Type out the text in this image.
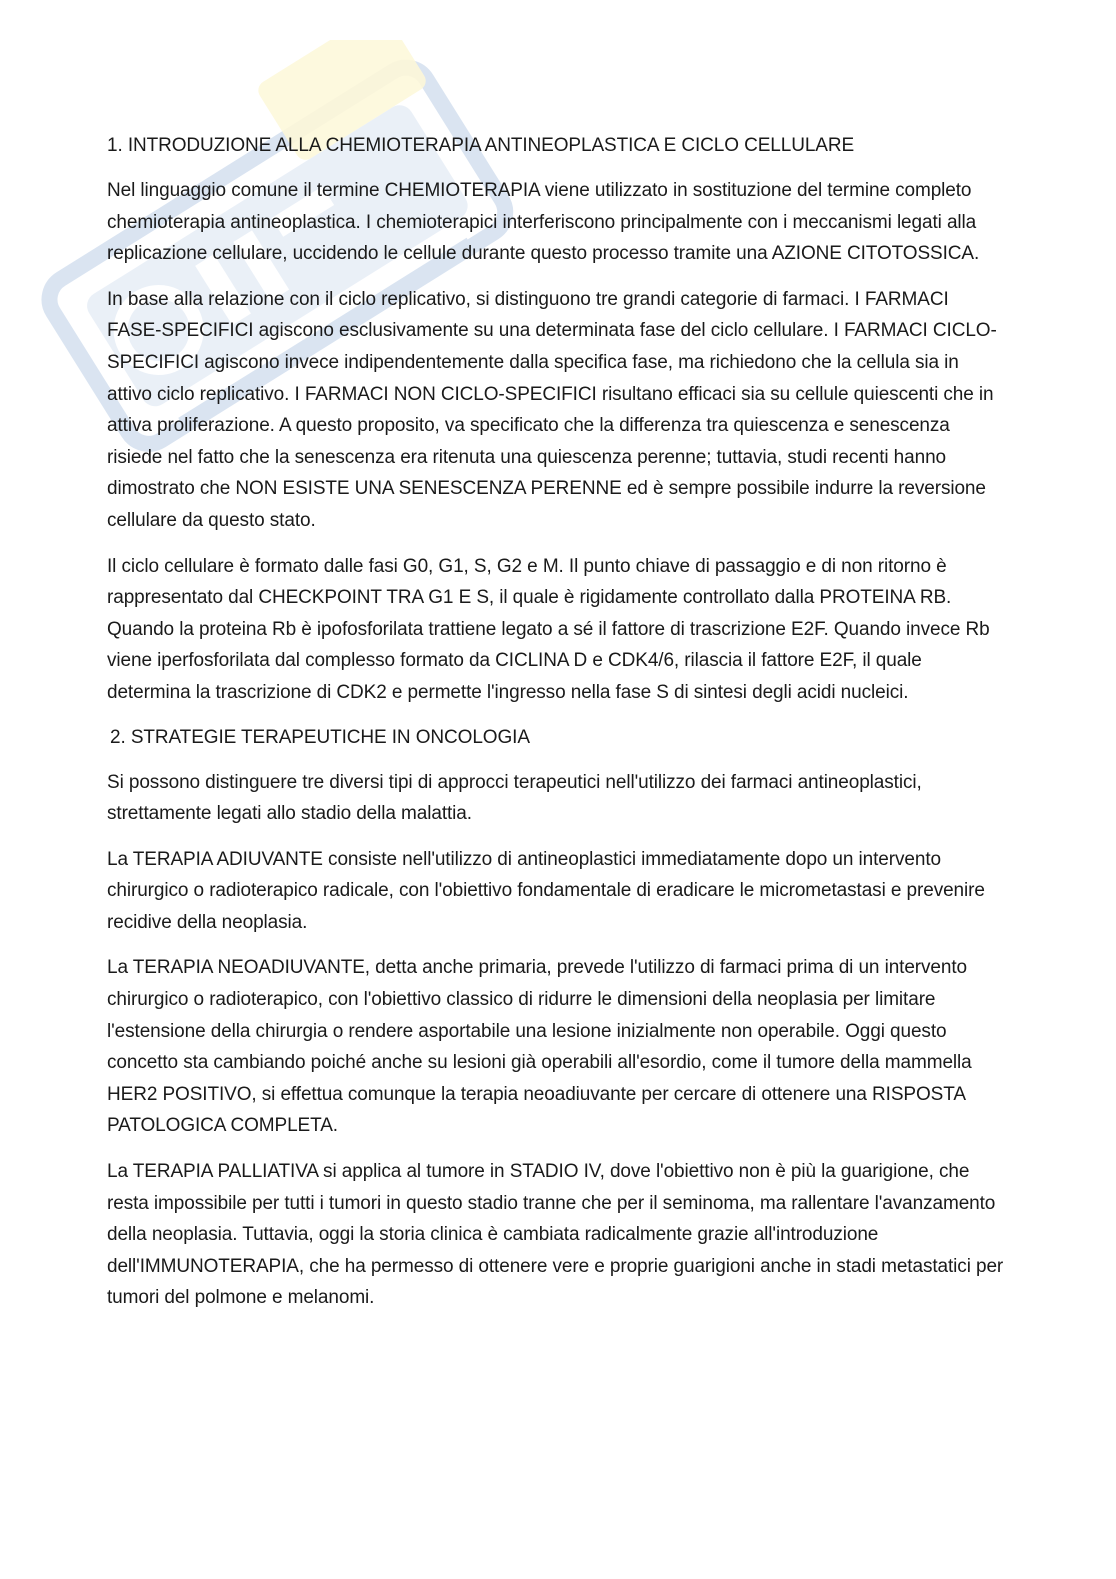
1. INTRODUZIONE ALLA CHEMIOTERAPIA ANTINEOPLASTICA E CICLO CELLULARE

Nel linguaggio comune il termine CHEMIOTERAPIA viene utilizzato in sostituzione del termine completo chemioterapia antineoplastica. I chemioterapici interferiscono principalmente con i meccanismi legati alla replicazione cellulare, uccidendo le cellule durante questo processo tramite una AZIONE CITOTOSSICA.

In base alla relazione con il ciclo replicativo, si distinguono tre grandi categorie di farmaci. I FARMACI FASE-SPECIFICI agiscono esclusivamente su una determinata fase del ciclo cellulare. I FARMACI CICLO-SPECIFICI agiscono invece indipendentemente dalla specifica fase, ma richiedono che la cellula sia in attivo ciclo replicativo. I FARMACI NON CICLO-SPECIFICI risultano efficaci sia su cellule quiescenti che in attiva proliferazione. A questo proposito, va specificato che la differenza tra quiescenza e senescenza risiede nel fatto che la senescenza era ritenuta una quiescenza perenne; tuttavia, studi recenti hanno dimostrato che NON ESISTE UNA SENESCENZA PERENNE ed è sempre possibile indurre la reversione cellulare da questo stato.

Il ciclo cellulare è formato dalle fasi G0, G1, S, G2 e M. Il punto chiave di passaggio e di non ritorno è rappresentato dal CHECKPOINT TRA G1 E S, il quale è rigidamente controllato dalla PROTEINA RB. Quando la proteina Rb è ipofosforilata trattiene legato a sé il fattore di trascrizione E2F. Quando invece Rb viene iperfosforilata dal complesso formato da CICLINA D e CDK4/6, rilascia il fattore E2F, il quale determina la trascrizione di CDK2 e permette l'ingresso nella fase S di sintesi degli acidi nucleici.

2. STRATEGIE TERAPEUTICHE IN ONCOLOGIA

Si possono distinguere tre diversi tipi di approcci terapeutici nell'utilizzo dei farmaci antineoplastici, strettamente legati allo stadio della malattia.

La TERAPIA ADIUVANTE consiste nell'utilizzo di antineoplastici immediatamente dopo un intervento chirurgico o radioterapico radicale, con l'obiettivo fondamentale di eradicare le micrometastasi e prevenire recidive della neoplasia.

La TERAPIA NEOADIUVANTE, detta anche primaria, prevede l'utilizzo di farmaci prima di un intervento chirurgico o radioterapico, con l'obiettivo classico di ridurre le dimensioni della neoplasia per limitare l'estensione della chirurgia o rendere asportabile una lesione inizialmente non operabile. Oggi questo concetto sta cambiando poiché anche su lesioni già operabili all'esordio, come il tumore della mammella HER2 POSITIVO, si effettua comunque la terapia neoadiuvante per cercare di ottenere una RISPOSTA PATOLOGICA COMPLETA.

La TERAPIA PALLIATIVA si applica al tumore in STADIO IV, dove l'obiettivo non è più la guarigione, che resta impossibile per tutti i tumori in questo stadio tranne che per il seminoma, ma rallentare l'avanzamento della neoplasia. Tuttavia, oggi la storia clinica è cambiata radicalmente grazie all'introduzione dell'IMMUNOTERAPIA, che ha permesso di ottenere vere e proprie guarigioni anche in stadi metastatici per tumori del polmone e melanomi.
